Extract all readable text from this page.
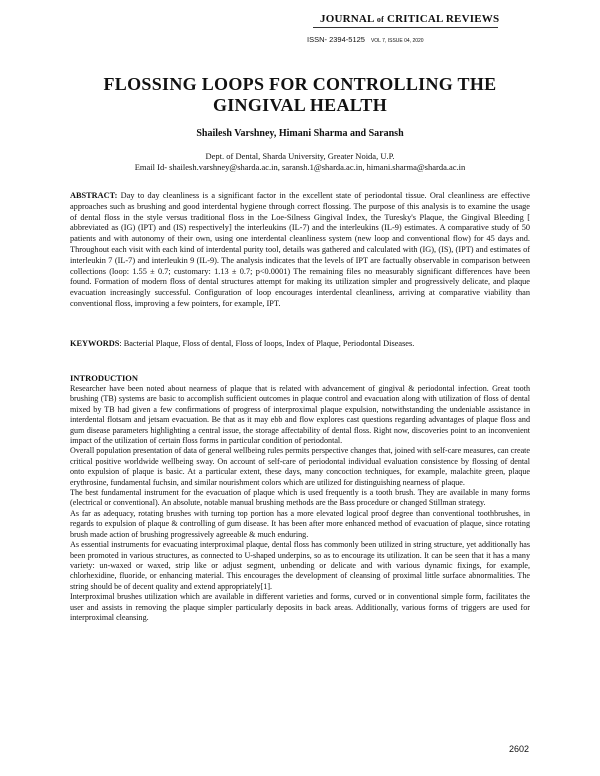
JOURNAL of CRITICAL REVIEWS
ISSN- 2394-5125 VOL 7, ISSUE 04, 2020
FLOSSING LOOPS FOR CONTROLLING THE GINGIVAL HEALTH
Shailesh Varshney, Himani Sharma and Saransh
Dept. of Dental, Sharda University, Greater Noida, U.P.
Email Id- shailesh.varshney@sharda.ac.in, saransh.1@sharda.ac.in, himani.sharma@sharda.ac.in
ABSTRACT: Day to day cleanliness is a significant factor in the excellent state of periodontal tissue. Oral cleanliness are effective approaches such as brushing and good interdental hygiene through correct flossing. The purpose of this analysis is to examine the usage of dental floss in the style versus traditional floss in the Loe-Silness Gingival Index, the Turesky's Plaque, the Gingival Bleeding [ abbreviated as (IG) (IPT) and (IS) respectively] the interleukins (IL-7) and the interleukins (IL-9) estimates. A comparative study of 50 patients and with autonomy of their own, using one interdental cleanliness system (new loop and conventional flow) for 45 days and. Throughout each visit with each kind of interdental purity tool, details was gathered and calculated with (IG), (IS), (IPT) and estimates of interleukin 7 (IL-7) and interleukin 9 (IL-9). The analysis indicates that the levels of IPT are factually observable in comparison between collections (loop: 1.55 ± 0.7; customary: 1.13 ± 0.7; p<0.0001) The remaining files no measurably significant differences have been found. Formation of modern floss of dental structures attempt for making its utilization simpler and progressively delicate, and plaque evacuation increasingly successful. Configuration of loop encourages interdental cleanliness, arriving at comparative viability than conventional floss, improving a few pointers, for example, IPT.
KEYWORDS: Bacterial Plaque, Floss of dental, Floss of loops, Index of Plaque, Periodontal Diseases.
INTRODUCTION

Researcher have been noted about nearness of plaque that is related with advancement of gingival & periodontal infection. Great tooth brushing (TB) systems are basic to accomplish sufficient outcomes in plaque control and evacuation along with utilization of floss of dental mixed by TB had given a few confirmations of progress of interproximal plaque expulsion, notwithstanding the undeniable assistance in interdental flotsam and jetsam evacuation. Be that as it may ebb and flow explores cast questions regarding advantages of plaque floss and gum disease parameters highlighting a central issue, the storage affectability of dental floss. Right now, discoveries point to an inconvenient impact of the utilization of certain floss forms in particular condition of periodontal.

Overall population presentation of data of general wellbeing rules permits perspective changes that, joined with self-care measures, can create critical positive worldwide wellbeing sway. On account of self-care of periodontal individual evaluation consistence by flossing of dental onto expulsion of plaque is basic. At a particular extent, these days, many concoction techniques, for example, malachite green, plaque erythrosine, fundamental fuchsin, and similar nourishment colors which are utilized for distinguishing nearness of plaque.

The best fundamental instrument for the evacuation of plaque which is used frequently is a tooth brush. They are available in many forms (electrical or conventional). An absolute, notable manual brushing methods are the Bass procedure or changed Stillman strategy.

As far as adequacy, rotating brushes with turning top portion has a more elevated logical proof degree than conventional toothbrushes, in regards to expulsion of plaque & controlling of gum disease. It has been after more enhanced method of evacuation of plaque, since rotating brush made action of brushing progressively agreeable & much enduring.

As essential instruments for evacuating interproximal plaque, dental floss has commonly been utilized in string structure, yet additionally has been promoted in various structures, as connected to U-shaped underpins, so as to encourage its utilization. It can be seen that it has a many variety: un-waxed or waxed, strip like or adjust segment, unbending or delicate and with various dynamic fixings, for example, chlorhexidine, fluoride, or enhancing material. This encourages the development of cleansing of proximal little surface abnormalities. The string should be of decent quality and extend appropriately[1].

Interproximal brushes utilization which are available in different varieties and forms, curved or in conventional simple form, facilitates the user and assists in removing the plaque simpler particularly deposits in back areas. Additionally, various forms of triggers are used for interproximal cleansing.

2602
